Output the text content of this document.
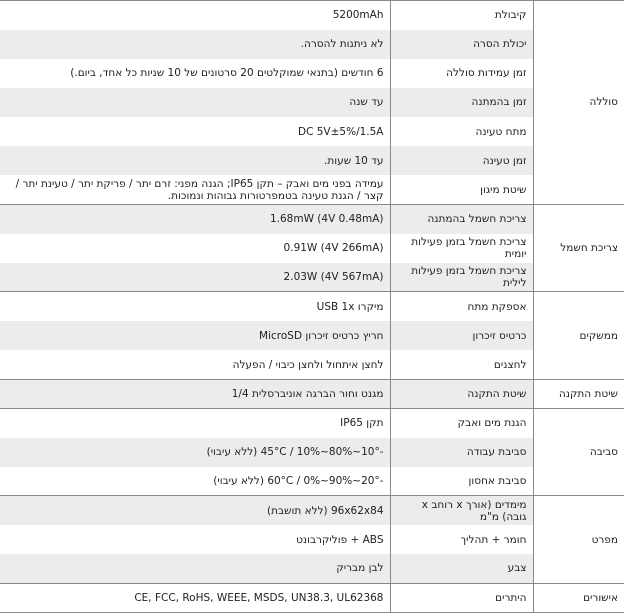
5200mAh	קיבולת	סוללה
לא ניתנות להסרה.	יכולת הסרה	
6 חודשים (בתנאי שמוקלטים 20 סרטונים של 10 שניות כל אחד, ביום.)	זמן עמידות סוללה	
עד שנה	זמן בהמתנה	
DC 5V±5%/1.5A	מתח טעינה	
עד 10 שעות.	זמן טעינה	
עמידה בפני מים ואבק – תקן IP65; הגנה מפני: זרם יתר / פריקת יתר / טעינת יתר / קצר / הגנת טעינה בטמפרטורות גבוהות ונמוכות.	שיטת מיגון	
1.68mW (4V 0.48mA)	צריכת חשמל בהמתנה	צריכת חשמל
0.91W (4V 266mA)	צריכת חשמל בזמן פעילות יומית	
2.03W (4V 567mA)	צריכת חשמל בזמן פעילות לילית	
מיקרו USB 1x	אספקת מתח	ממשקים
חריץ כרטיס זיכרון MicroSD	כרטיס זיכרון	
לחצן איתחול ולחצן כיבוי / הפעלה	לחצנים	
מגנט וחור הברגה אוניברסלית 1/4	שיטת התקנה	שיטת התקנה
תקן IP65	הגנת מים ואבק	סביבה
-10°~45°C / 10%~80% (ללא עיבוי)	סביבת עבודה	
-20°~60°C / 0%~90% (ללא עיבוי)	סביבת אחסון	
96x62x84 (ללא תושבת)	מימדים (אורך x רוחב x גובה) מ"מ	מפרט
ABS + פוליקרבונט	חומר + תהליך	
לבן מבריק	צבע	
CE, FCC, RoHS, WEEE, MSDS, UN38.3, UL62368	היתרים	אישורים
